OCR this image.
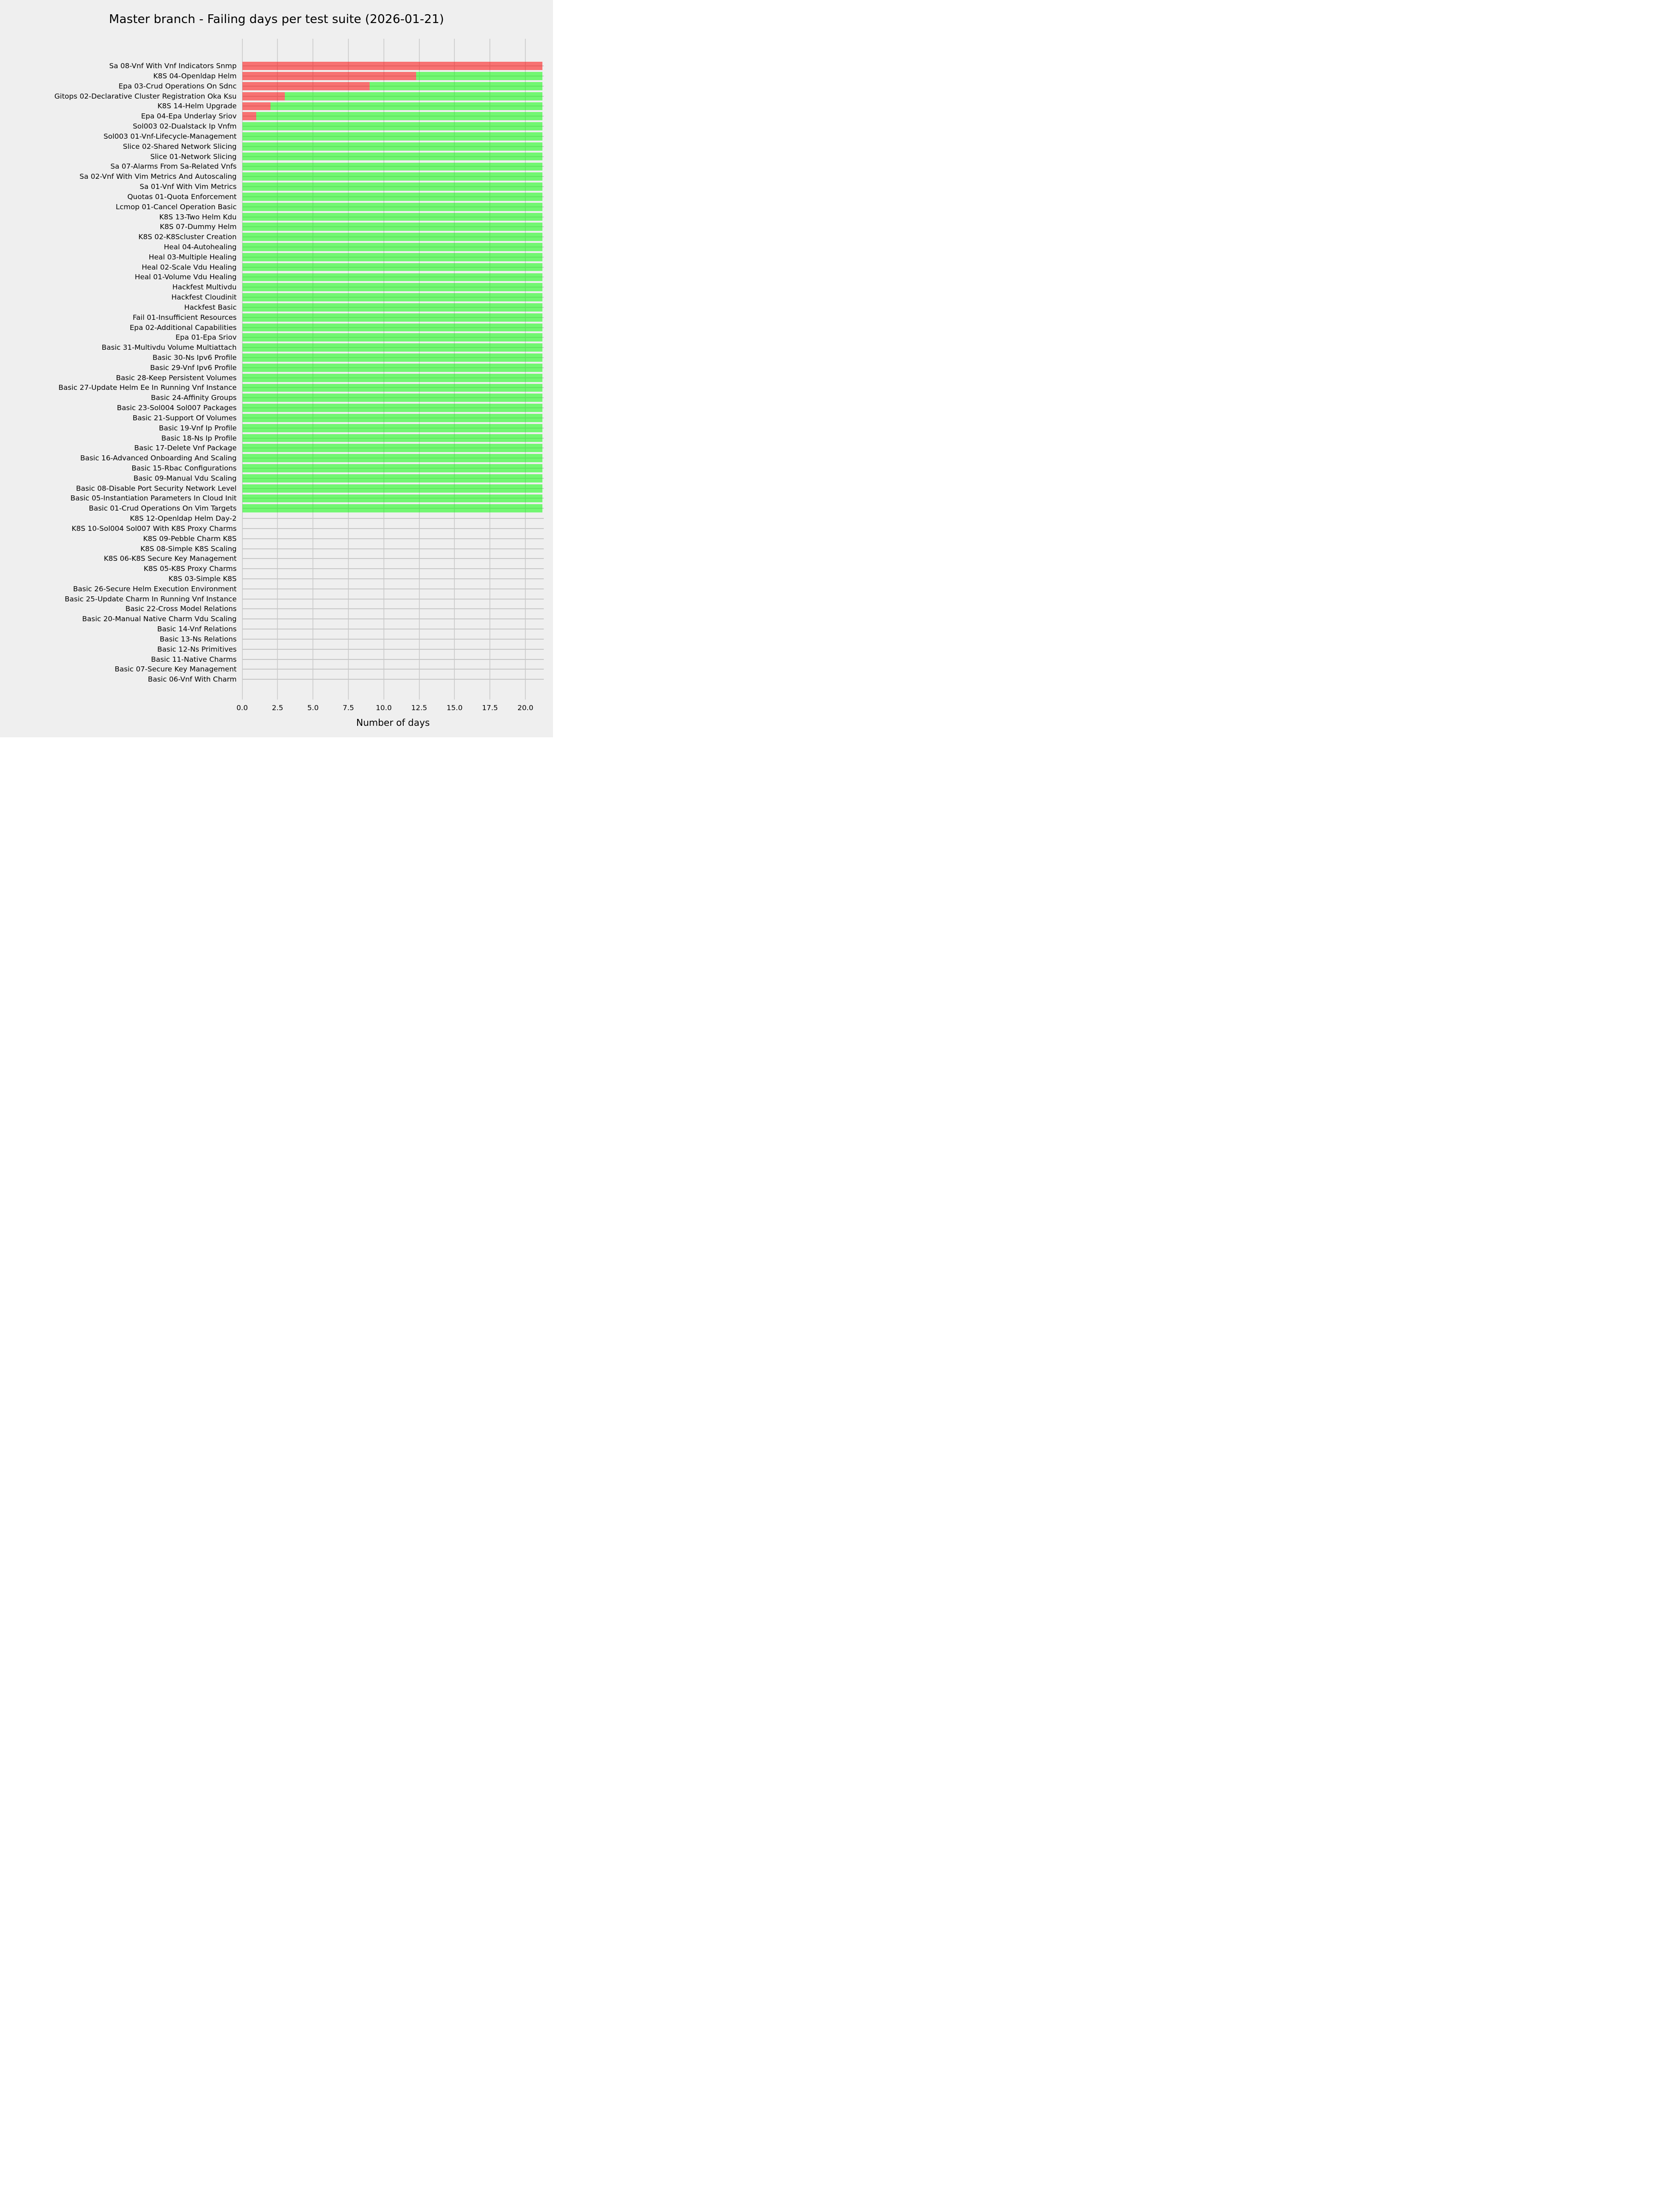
Master branch - Failing days per test suite (2026-01-21)
Number of days
0.0	2.5	5.0	7.5	10.0	12.5	15.0	17.5	20.0
Sa 08-Vnf With Vnf Indicators Snmp
K8S 04-Openldap Helm
Epa 03-Crud Operations On Sdnc
Gitops 02-Declarative Cluster Registration Oka Ksu
K8S 14-Helm Upgrade
Epa 04-Epa Underlay Sriov
Sol003 02-Dualstack Ip Vnfm
Sol003 01-Vnf-Lifecycle-Management
Slice 02-Shared Network Slicing
Slice 01-Network Slicing
Sa 07-Alarms From Sa-Related Vnfs
Sa 02-Vnf With Vim Metrics And Autoscaling
Sa 01-Vnf With Vim Metrics
Quotas 01-Quota Enforcement
Lcmop 01-Cancel Operation Basic
K8S 13-Two Helm Kdu
K8S 07-Dummy Helm
K8S 02-K8Scluster Creation
Heal 04-Autohealing
Heal 03-Multiple Healing
Heal 02-Scale Vdu Healing
Heal 01-Volume Vdu Healing
Hackfest Multivdu
Hackfest Cloudinit
Hackfest Basic
Fail 01-Insufficient Resources
Epa 02-Additional Capabilities
Epa 01-Epa Sriov
Basic 31-Multivdu Volume Multiattach
Basic 30-Ns Ipv6 Profile
Basic 29-Vnf Ipv6 Profile
Basic 28-Keep Persistent Volumes
Basic 27-Update Helm Ee In Running Vnf Instance
Basic 24-Affinity Groups
Basic 23-Sol004 Sol007 Packages
Basic 21-Support Of Volumes
Basic 19-Vnf Ip Profile
Basic 18-Ns Ip Profile
Basic 17-Delete Vnf Package
Basic 16-Advanced Onboarding And Scaling
Basic 15-Rbac Configurations
Basic 09-Manual Vdu Scaling
Basic 08-Disable Port Security Network Level
Basic 05-Instantiation Parameters In Cloud Init
Basic 01-Crud Operations On Vim Targets
K8S 12-Openldap Helm Day-2
K8S 10-Sol004 Sol007 With K8S Proxy Charms
K8S 09-Pebble Charm K8S
K8S 08-Simple K8S Scaling
K8S 06-K8S Secure Key Management
K8S 05-K8S Proxy Charms
K8S 03-Simple K8S
Basic 26-Secure Helm Execution Environment
Basic 25-Update Charm In Running Vnf Instance
Basic 22-Cross Model Relations
Basic 20-Manual Native Charm Vdu Scaling
Basic 14-Vnf Relations
Basic 13-Ns Relations
Basic 12-Ns Primitives
Basic 11-Native Charms
Basic 07-Secure Key Management
Basic 06-Vnf With Charm
